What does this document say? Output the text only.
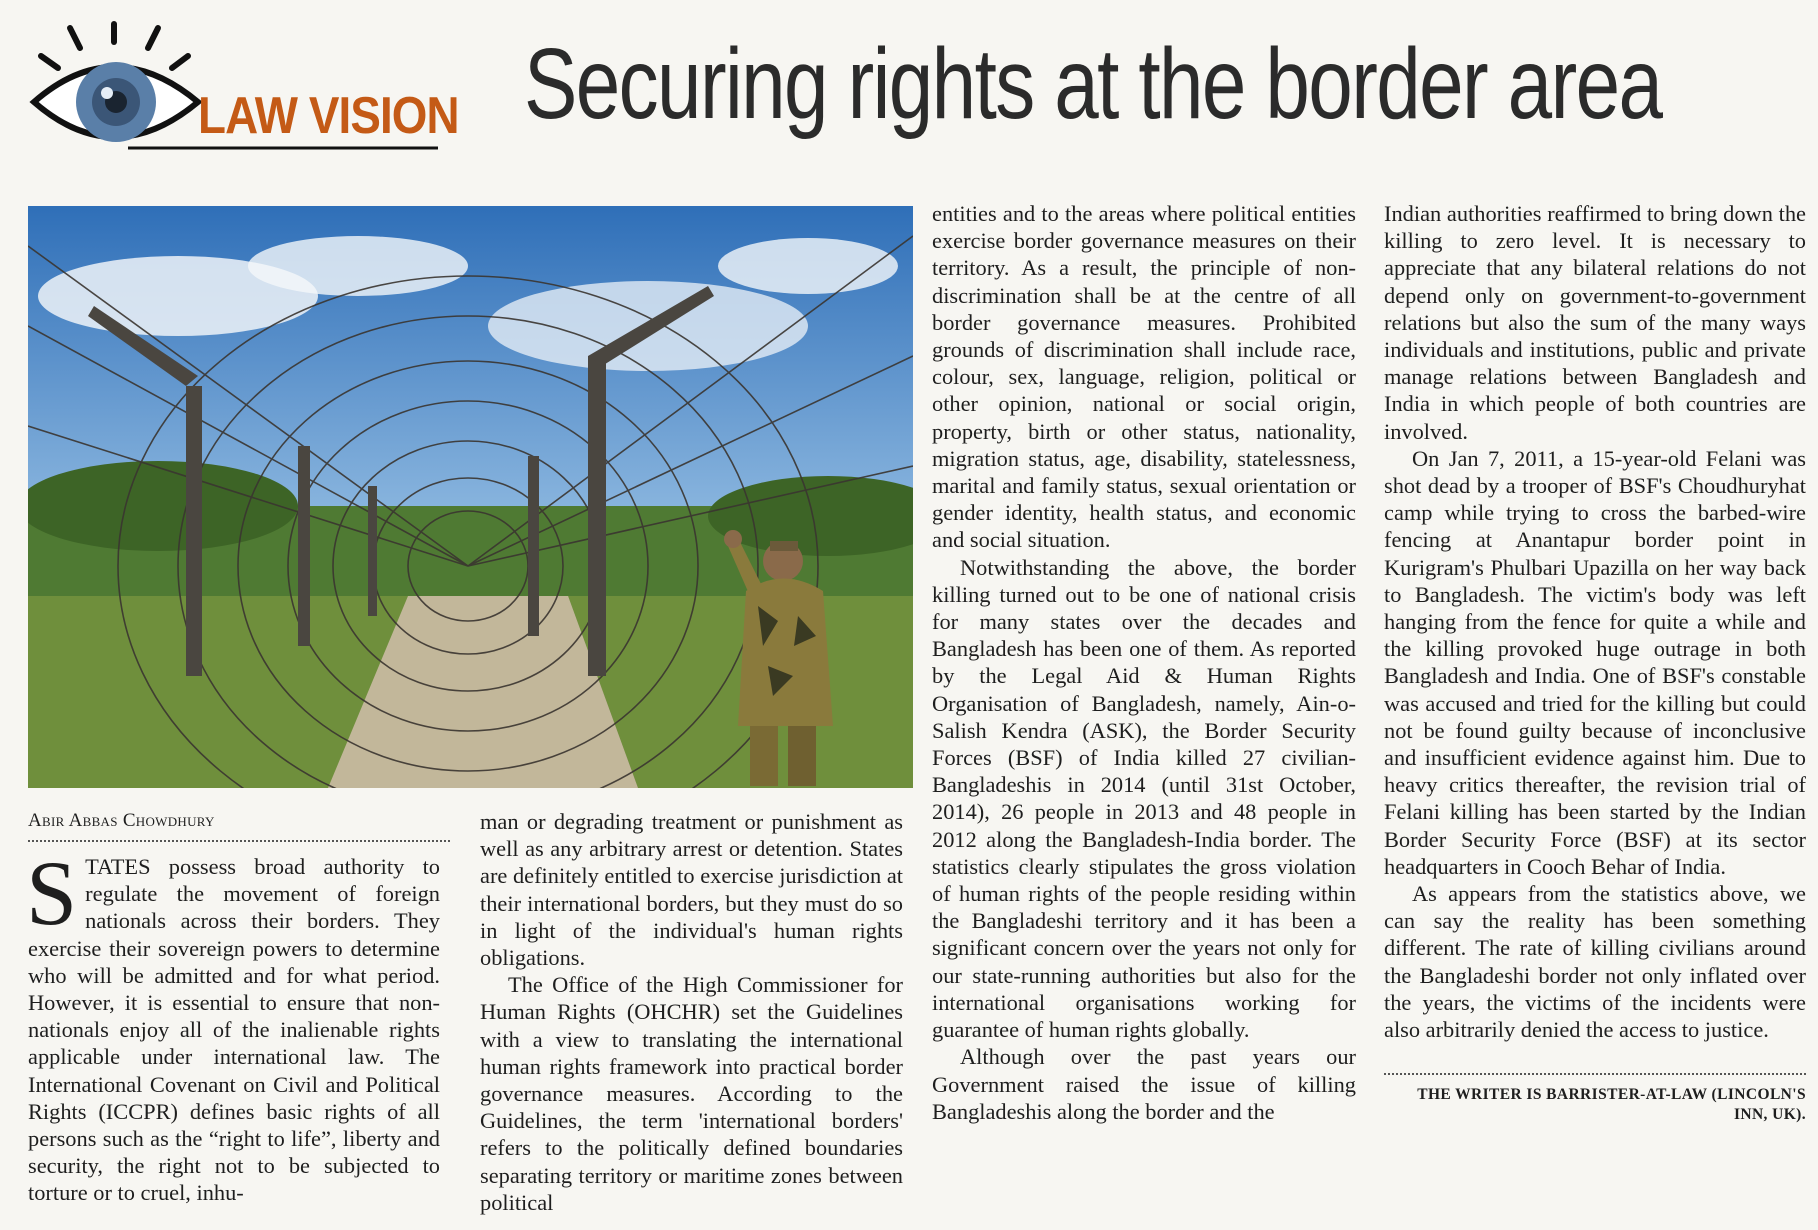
LAW VISION Securing rights at the border area
Abir Abbas Chowdhury
S TATES possess broad authority to regulate the movement of foreign nationals across their borders. They exercise their sovereign powers to determine who will be admitted and for what period. However, it is essential to ensure that non-nationals enjoy all of the inalienable rights applicable under international law. The International Covenant on Civil and Political Rights (ICCPR) defines basic rights of all persons such as the “right to life”, liberty and security, the right not to be subjected to torture or to cruel, inhu-

man or degrading treatment or punishment as well as any arbitrary arrest or detention. States are definitely entitled to exercise jurisdiction at their international borders, but they must do so in light of the individual's human rights obligations.

The Office of the High Commissioner for Human Rights (OHCHR) set the Guidelines with a view to translating the international human rights framework into practical border governance measures. According to the Guidelines, the term 'international borders' refers to the politically defined boundaries separating territory or maritime zones between political

entities and to the areas where political entities exercise border governance measures on their territory. As a result, the principle of non-discrimination shall be at the centre of all border governance measures. Prohibited grounds of discrimination shall include race, colour, sex, language, religion, political or other opinion, national or social origin, property, birth or other status, nationality, migration status, age, disability, statelessness, marital and family status, sexual orientation or gender identity, health status, and economic and social situation.

Notwithstanding the above, the border killing turned out to be one of national crisis for many states over the decades and Bangladesh has been one of them. As reported by the Legal Aid & Human Rights Organisation of Bangladesh, namely, Ain-o-Salish Kendra (ASK), the Border Security Forces (BSF) of India killed 27 civilian-Bangladeshis in 2014 (until 31st October, 2014), 26 people in 2013 and 48 people in 2012 along the Bangladesh-India border. The statistics clearly stipulates the gross violation of human rights of the people residing within the Bangladeshi territory and it has been a significant concern over the years not only for our state-running authorities but also for the international organisations working for guarantee of human rights globally.

Although over the past years our Government raised the issue of killing Bangladeshis along the border and the

Indian authorities reaffirmed to bring down the killing to zero level. It is necessary to appreciate that any bilateral relations do not depend only on government-to-government relations but also the sum of the many ways individuals and institutions, public and private manage relations between Bangladesh and India in which people of both countries are involved.

On Jan 7, 2011, a 15-year-old Felani was shot dead by a trooper of BSF's Choudhuryhat camp while trying to cross the barbed-wire fencing at Anantapur border point in Kurigram's Phulbari Upazilla on her way back to Bangladesh. The victim's body was left hanging from the fence for quite a while and the killing provoked huge outrage in both Bangladesh and India. One of BSF's constable was accused and tried for the killing but could not be found guilty because of inconclusive and insufficient evidence against him. Due to heavy critics thereafter, the revision trial of Felani killing has been started by the Indian Border Security Force (BSF) at its sector headquarters in Cooch Behar of India.

As appears from the statistics above, we can say the reality has been something different. The rate of killing civilians around the Bangladeshi border not only inflated over the years, the victims of the incidents were also arbitrarily denied the access to justice.

THE WRITER IS BARRISTER-AT-LAW (LINCOLN'S INN, UK).
